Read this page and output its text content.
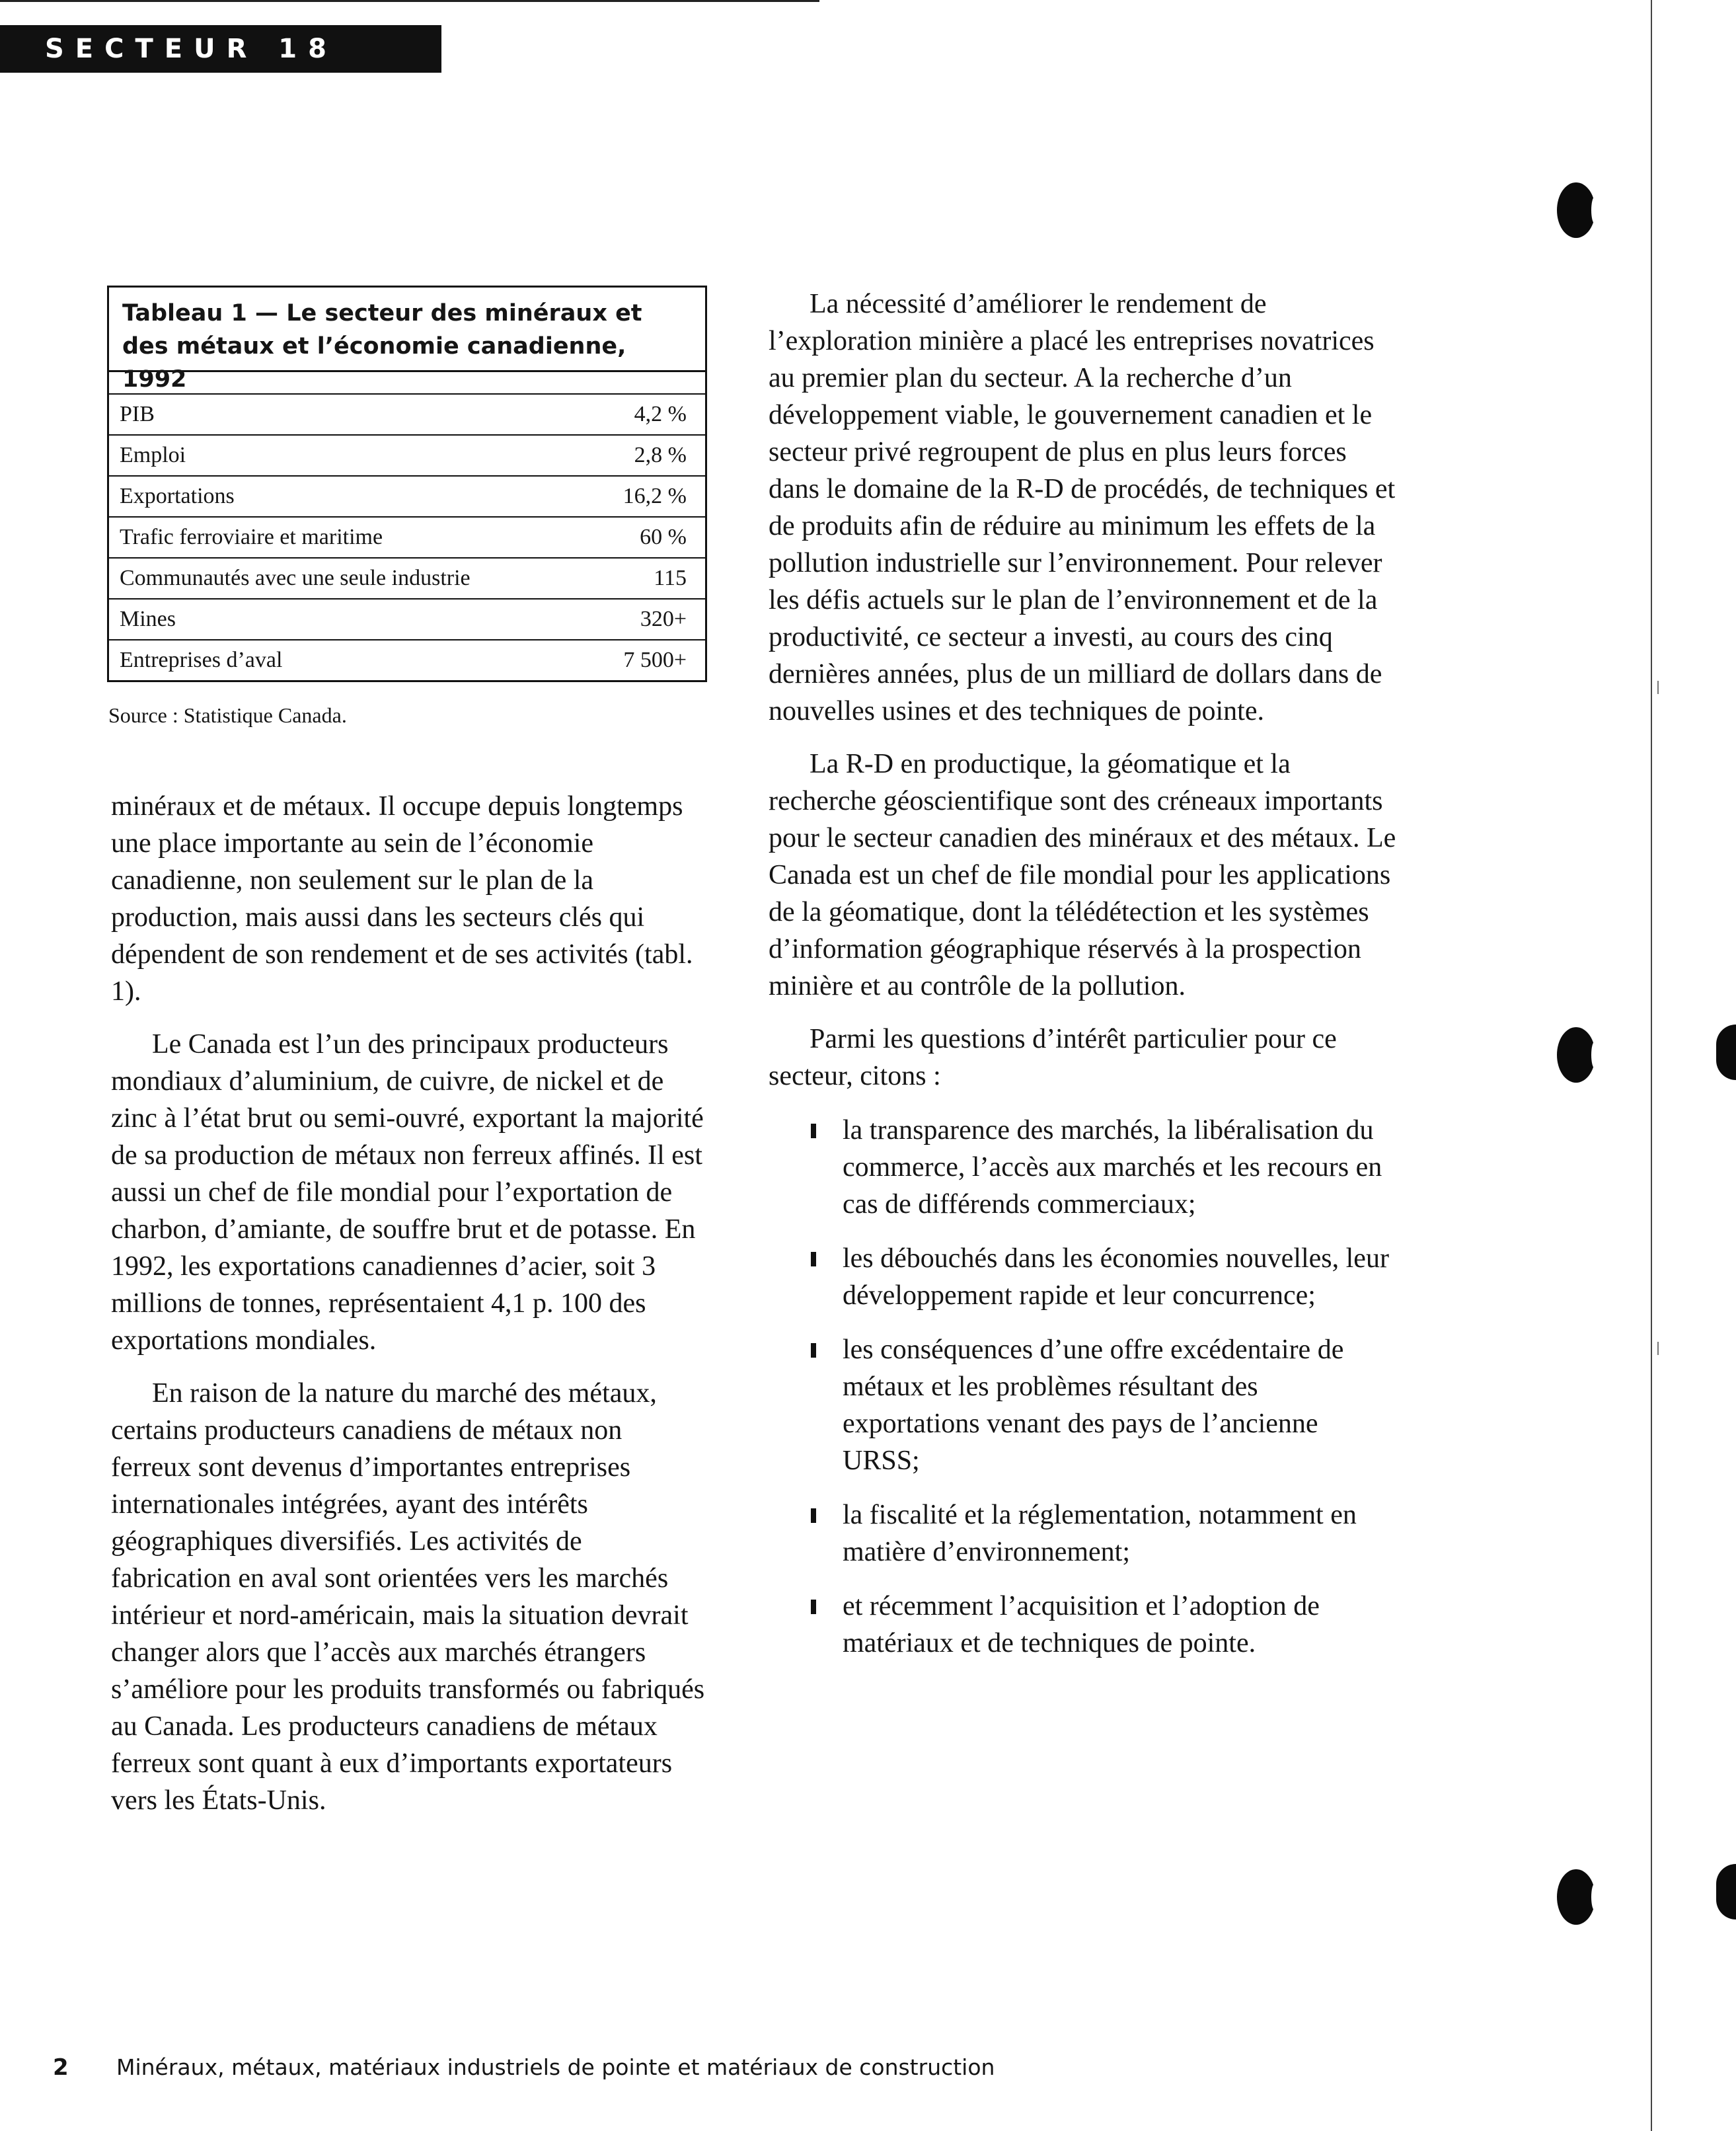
SECTEUR 18
Tableau 1 — Le secteur des minéraux et des métaux et l’économie canadienne, 1992
PIB	4,2 %
Emploi	2,8 %
Exportations	16,2 %
Trafic ferroviaire et maritime	60 %
Communautés avec une seule industrie	115
Mines	320+
Entreprises d’aval	7 500+
Source : Statistique Canada.

minéraux et de métaux. Il occupe depuis longtemps une place importante au sein de l’économie canadienne, non seulement sur le plan de la production, mais aussi dans les secteurs clés qui dépendent de son rendement et de ses activités (tabl. 1).

Le Canada est l’un des principaux producteurs mondiaux d’aluminium, de cuivre, de nickel et de zinc à l’état brut ou semi-ouvré, exportant la majorité de sa production de métaux non ferreux affinés. Il est aussi un chef de file mondial pour l’exportation de charbon, d’amiante, de souffre brut et de potasse. En 1992, les exportations canadiennes d’acier, soit 3 millions de tonnes, représentaient 4,1 p. 100 des exportations mondiales.

En raison de la nature du marché des métaux, certains producteurs canadiens de métaux non ferreux sont devenus d’importantes entreprises internationales intégrées, ayant des intérêts géographiques diversifiés. Les activités de fabrication en aval sont orientées vers les marchés intérieur et nord-américain, mais la situation devrait changer alors que l’accès aux marchés étrangers s’améliore pour les produits transformés ou fabriqués au Canada. Les producteurs canadiens de métaux ferreux sont quant à eux d’importants exportateurs vers les États-Unis.

La nécessité d’améliorer le rendement de l’exploration minière a placé les entreprises novatrices au premier plan du secteur. A la recherche d’un développement viable, le gouvernement canadien et le secteur privé regroupent de plus en plus leurs forces dans le domaine de la R-D de procédés, de techniques et de produits afin de réduire au minimum les effets de la pollution industrielle sur l’environnement. Pour relever les défis actuels sur le plan de l’environnement et de la productivité, ce secteur a investi, au cours des cinq dernières années, plus de un milliard de dollars dans de nouvelles usines et des techniques de pointe.

La R-D en productique, la géomatique et la recherche géoscientifique sont des créneaux importants pour le secteur canadien des minéraux et des métaux. Le Canada est un chef de file mondial pour les applications de la géomatique, dont la télédétection et les systèmes d’information géographique réservés à la prospection minière et au contrôle de la pollution.

Parmi les questions d’intérêt particulier pour ce secteur, citons :

la transparence des marchés, la libéralisation du commerce, l’accès aux marchés et les recours en cas de différends commerciaux;
les débouchés dans les économies nouvelles, leur développement rapide et leur concurrence;
les conséquences d’une offre excédentaire de métaux et les problèmes résultant des exportations venant des pays de l’ancienne URSS;
la fiscalité et la réglementation, notamment en matière d’environnement;
et récemment l’acquisition et l’adoption de matériaux et de techniques de pointe.
2 Minéraux, métaux, matériaux industriels de pointe et matériaux de construction
